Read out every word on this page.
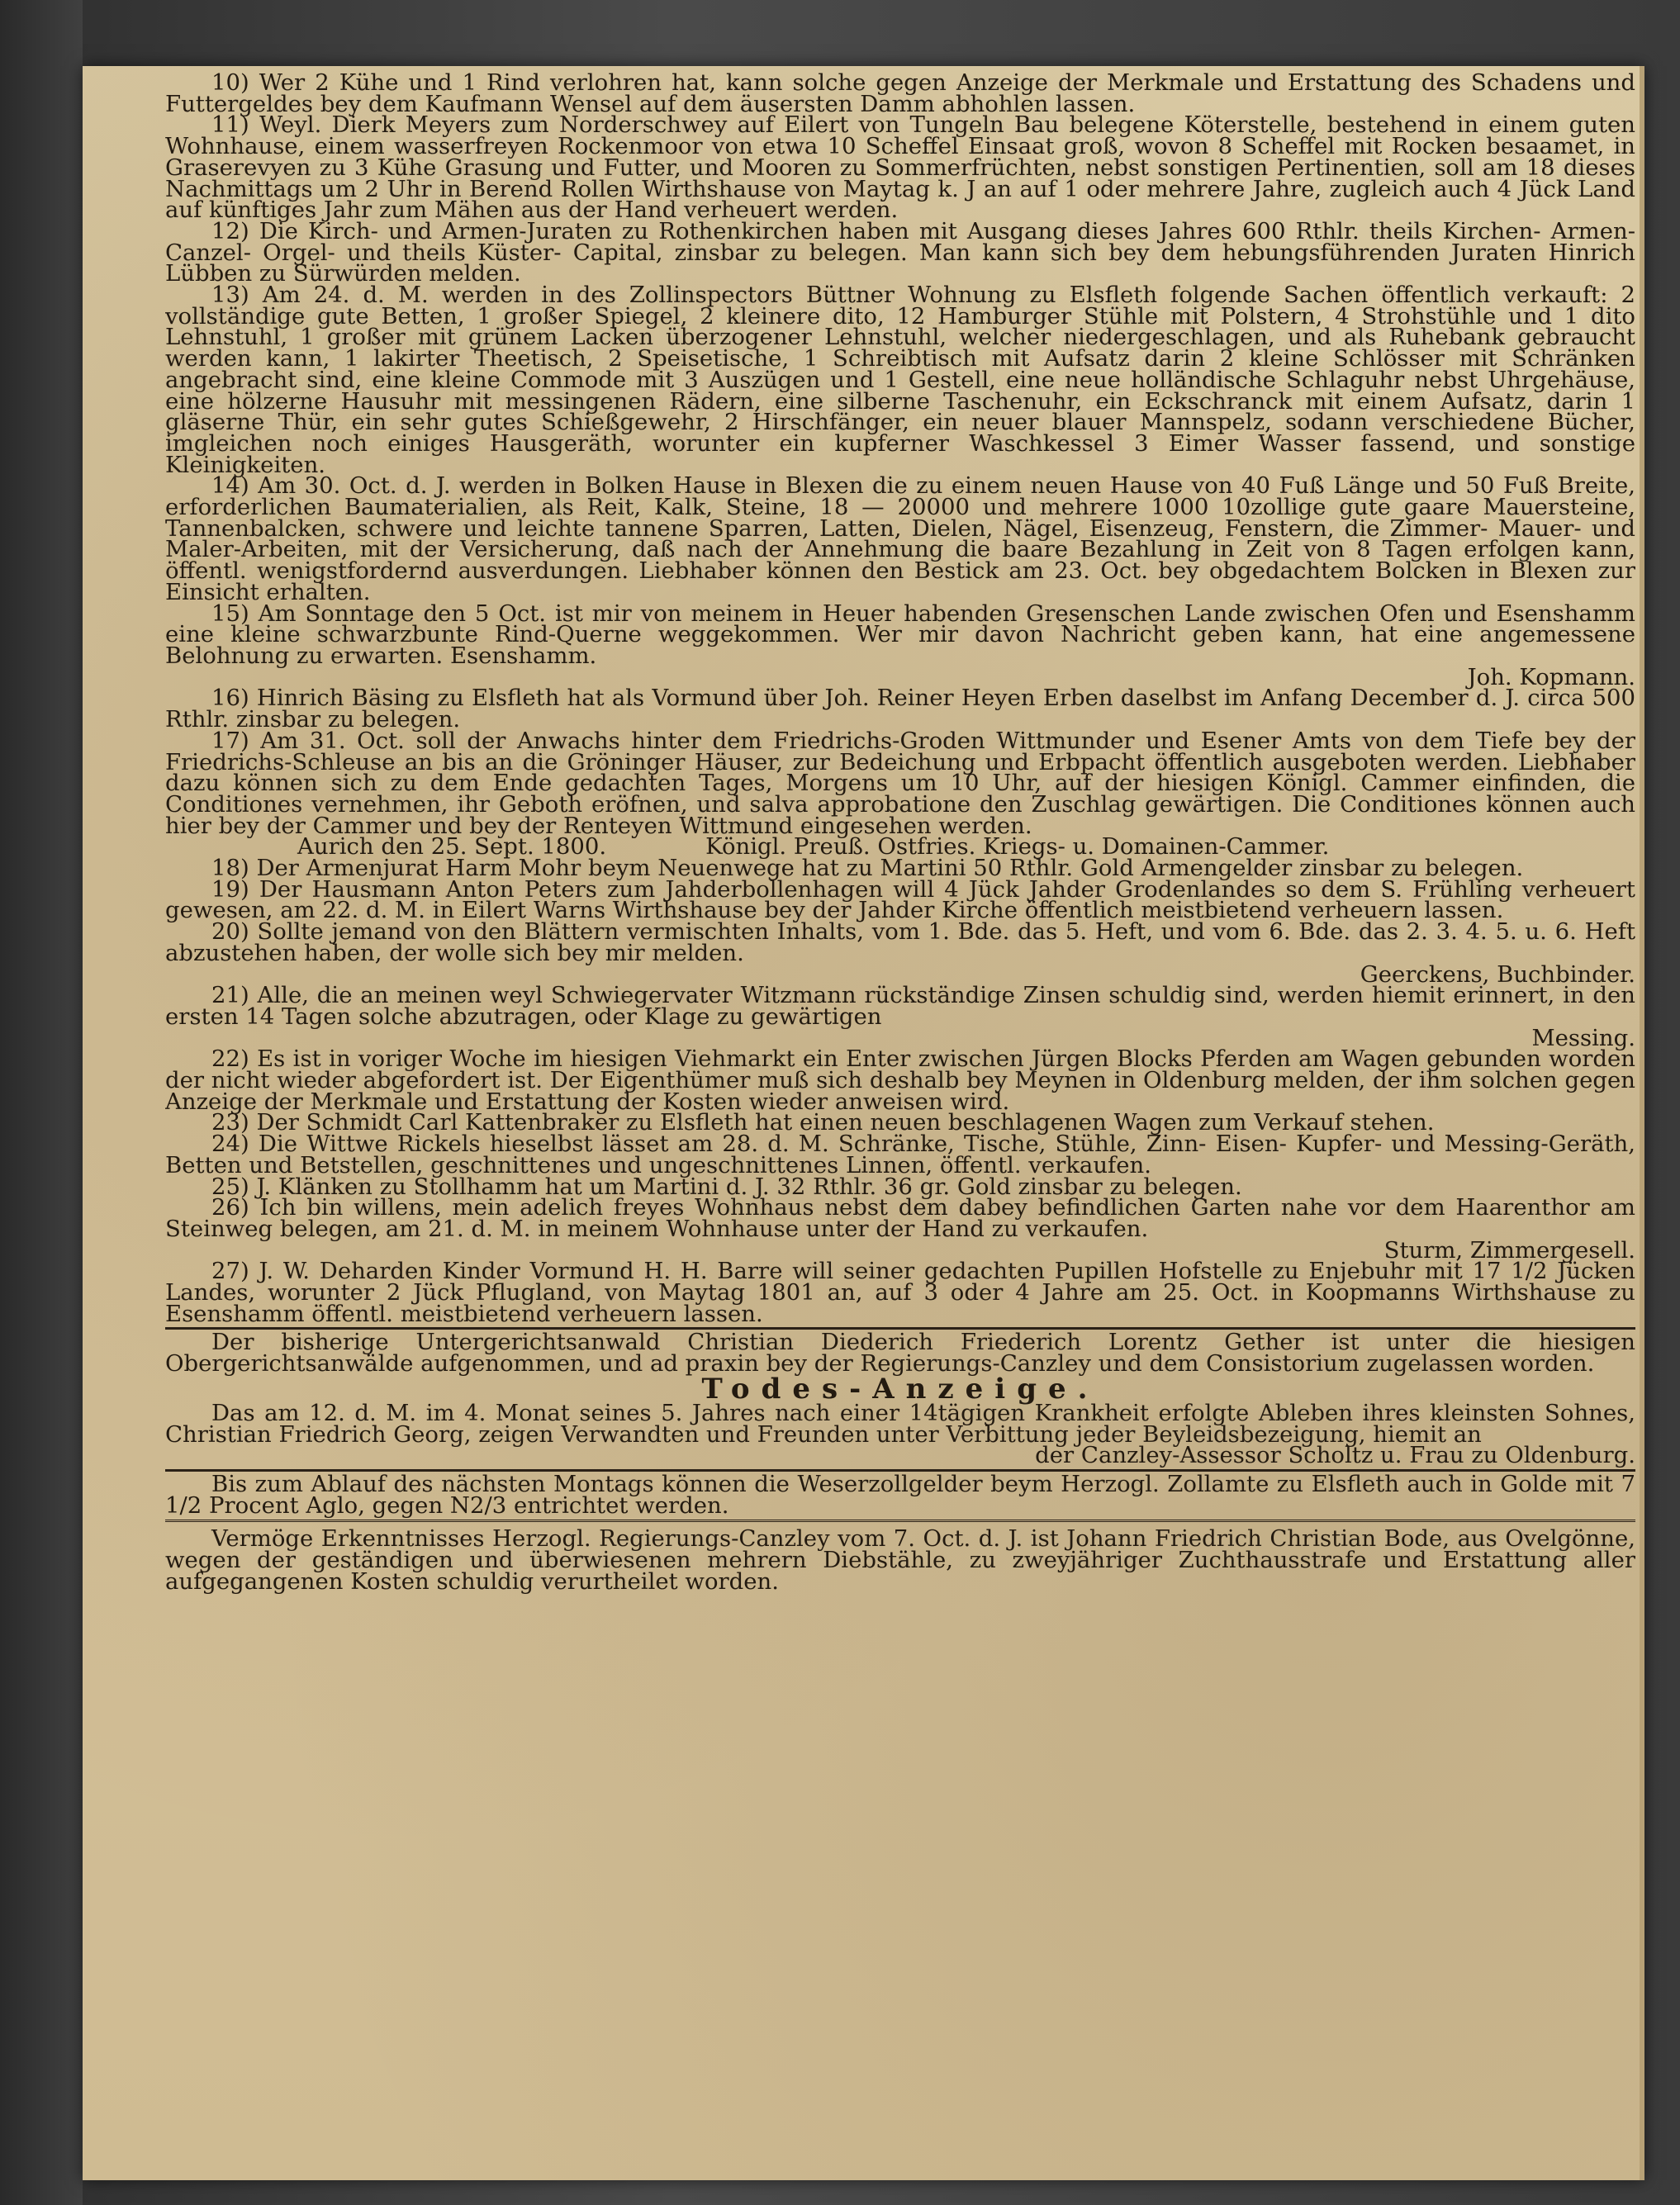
10) Wer 2 Kühe und 1 Rind verlohren hat, kann solche gegen Anzeige der Merkmale und Erstattung des Schadens und Futtergeldes bey dem Kaufmann Wensel auf dem äusersten Damm abhohlen lassen.

11) Weyl. Dierk Meyers zum Norderschwey auf Eilert von Tungeln Bau belegene Köterstelle, bestehend in einem guten Wohnhause, einem wasserfreyen Rockenmoor von etwa 10 Scheffel Einsaat groß, wovon 8 Scheffel mit Rocken besaamet, in Graserevyen zu 3 Kühe Grasung und Futter, und Mooren zu Sommerfrüchten, nebst sonstigen Pertinentien, soll am 18 dieses Nachmittags um 2 Uhr in Berend Rollen Wirthshause von Maytag k. J an auf 1 oder mehrere Jahre, zugleich auch 4 Jück Land auf künftiges Jahr zum Mähen aus der Hand verheuert werden.

12) Die Kirch- und Armen-Juraten zu Rothenkirchen haben mit Ausgang dieses Jahres 600 Rthlr. theils Kirchen- Armen- Canzel- Orgel- und theils Küster- Capital, zinsbar zu belegen. Man kann sich bey dem hebungsführenden Juraten Hinrich Lübben zu Sürwürden melden.

13) Am 24. d. M. werden in des Zollinspectors Büttner Wohnung zu Elsfleth folgende Sachen öffentlich verkauft: 2 vollständige gute Betten, 1 großer Spiegel, 2 kleinere dito, 12 Hamburger Stühle mit Polstern, 4 Strohstühle und 1 dito Lehnstuhl, 1 großer mit grünem Lacken überzogener Lehnstuhl, welcher niedergeschlagen, und als Ruhebank gebraucht werden kann, 1 lakirter Theetisch, 2 Speisetische, 1 Schreibtisch mit Aufsatz darin 2 kleine Schlösser mit Schränken angebracht sind, eine kleine Commode mit 3 Auszügen und 1 Gestell, eine neue holländische Schlaguhr nebst Uhrgehäuse, eine hölzerne Hausuhr mit messingenen Rädern, eine silberne Taschenuhr, ein Eckschranck mit einem Aufsatz, darin 1 gläserne Thür, ein sehr gutes Schießgewehr, 2 Hirschfänger, ein neuer blauer Mannspelz, sodann verschiedene Bücher, imgleichen noch einiges Hausgeräth, worunter ein kupferner Waschkessel 3 Eimer Wasser fassend, und sonstige Kleinigkeiten.

14) Am 30. Oct. d. J. werden in Bolken Hause in Blexen die zu einem neuen Hause von 40 Fuß Länge und 50 Fuß Breite, erforderlichen Baumaterialien, als Reit, Kalk, Steine, 18 — 20000 und mehrere 1000 10zollige gute gaare Mauersteine, Tannenbalcken, schwere und leichte tannene Sparren, Latten, Dielen, Nägel, Eisenzeug, Fenstern, die Zimmer- Mauer- und Maler-Arbeiten, mit der Versicherung, daß nach der Annehmung die baare Bezahlung in Zeit von 8 Tagen erfolgen kann, öffentl. wenigstfordernd ausverdungen. Liebhaber können den Bestick am 23. Oct. bey obgedachtem Bolcken in Blexen zur Einsicht erhalten.

15) Am Sonntage den 5 Oct. ist mir von meinem in Heuer habenden Gresenschen Lande zwischen Ofen und Esenshamm eine kleine schwarzbunte Rind-Querne weggekommen. Wer mir davon Nachricht geben kann, hat eine angemessene Belohnung zu erwarten. Esenshamm.

Joh. Kopmann.

16) Hinrich Bäsing zu Elsfleth hat als Vormund über Joh. Reiner Heyen Erben daselbst im Anfang December d. J. circa 500 Rthlr. zinsbar zu belegen.

17) Am 31. Oct. soll der Anwachs hinter dem Friedrichs-Groden Wittmunder und Esener Amts von dem Tiefe bey der Friedrichs-Schleuse an bis an die Gröninger Häuser, zur Bedeichung und Erbpacht öffentlich ausgeboten werden. Liebhaber dazu können sich zu dem Ende gedachten Tages, Morgens um 10 Uhr, auf der hiesigen Königl. Cammer einfinden, die Conditiones vernehmen, ihr Geboth eröfnen, und salva approbatione den Zuschlag gewärtigen. Die Conditiones können auch hier bey der Cammer und bey der Renteyen Wittmund eingesehen werden.

Aurich den 25. Sept. 1800.	Königl. Preuß. Ostfries. Kriegs- u. Domainen-Cammer.

18) Der Armenjurat Harm Mohr beym Neuenwege hat zu Martini 50 Rthlr. Gold Armengelder zinsbar zu belegen.

19) Der Hausmann Anton Peters zum Jahderbollenhagen will 4 Jück Jahder Grodenlandes so dem S. Frühling verheuert gewesen, am 22. d. M. in Eilert Warns Wirthshause bey der Jahder Kirche öffentlich meistbietend verheuern lassen.

20) Sollte jemand von den Blättern vermischten Inhalts, vom 1. Bde. das 5. Heft, und vom 6. Bde. das 2. 3. 4. 5. u. 6. Heft abzustehen haben, der wolle sich bey mir melden.

Geerckens, Buchbinder.

21) Alle, die an meinen weyl Schwiegervater Witzmann rückständige Zinsen schuldig sind, werden hiemit erinnert, in den ersten 14 Tagen solche abzutragen, oder Klage zu gewärtigen

Messing.

22) Es ist in voriger Woche im hiesigen Viehmarkt ein Enter zwischen Jürgen Blocks Pferden am Wagen gebunden worden der nicht wieder abgefordert ist. Der Eigenthümer muß sich deshalb bey Meynen in Oldenburg melden, der ihm solchen gegen Anzeige der Merkmale und Erstattung der Kosten wieder anweisen wird.

23) Der Schmidt Carl Kattenbraker zu Elsfleth hat einen neuen beschlagenen Wagen zum Verkauf stehen.

24) Die Wittwe Rickels hieselbst lässet am 28. d. M. Schränke, Tische, Stühle, Zinn- Eisen- Kupfer- und Messing-Geräth, Betten und Betstellen, geschnittenes und ungeschnittenes Linnen, öffentl. verkaufen.

25) J. Klänken zu Stollhamm hat um Martini d. J. 32 Rthlr. 36 gr. Gold zinsbar zu belegen.

26) Ich bin willens, mein adelich freyes Wohnhaus nebst dem dabey befindlichen Garten nahe vor dem Haarenthor am Steinweg belegen, am 21. d. M. in meinem Wohnhause unter der Hand zu verkaufen.

Sturm, Zimmergesell.

27) J. W. Deharden Kinder Vormund H. H. Barre will seiner gedachten Pupillen Hofstelle zu Enjebuhr mit 17 1/2 Jücken Landes, worunter 2 Jück Pflugland, von Maytag 1801 an, auf 3 oder 4 Jahre am 25. Oct. in Koopmanns Wirthshause zu Esenshamm öffentl. meistbietend verheuern lassen.

Der bisherige Untergerichtsanwald Christian Diederich Friederich Lorentz Gether ist unter die hiesigen Obergerichtsanwälde aufgenommen, und ad praxin bey der Regierungs-Canzley und dem Consistorium zugelassen worden.

Todes-Anzeige.

Das am 12. d. M. im 4. Monat seines 5. Jahres nach einer 14tägigen Krankheit erfolgte Ableben ihres kleinsten Sohnes, Christian Friedrich Georg, zeigen Verwandten und Freunden unter Verbittung jeder Beyleidsbezeigung, hiemit an

der Canzley-Assessor Scholtz u. Frau zu Oldenburg.

Bis zum Ablauf des nächsten Montags können die Weserzollgelder beym Herzogl. Zollamte zu Elsfleth auch in Golde mit 7 1/2 Procent Aglo, gegen N2/3 entrichtet werden.

Vermöge Erkenntnisses Herzogl. Regierungs-Canzley vom 7. Oct. d. J. ist Johann Friedrich Christian Bode, aus Ovelgönne, wegen der geständigen und überwiesenen mehrern Diebstähle, zu zweyjähriger Zuchthausstrafe und Erstattung aller aufgegangenen Kosten schuldig verurtheilet worden.
